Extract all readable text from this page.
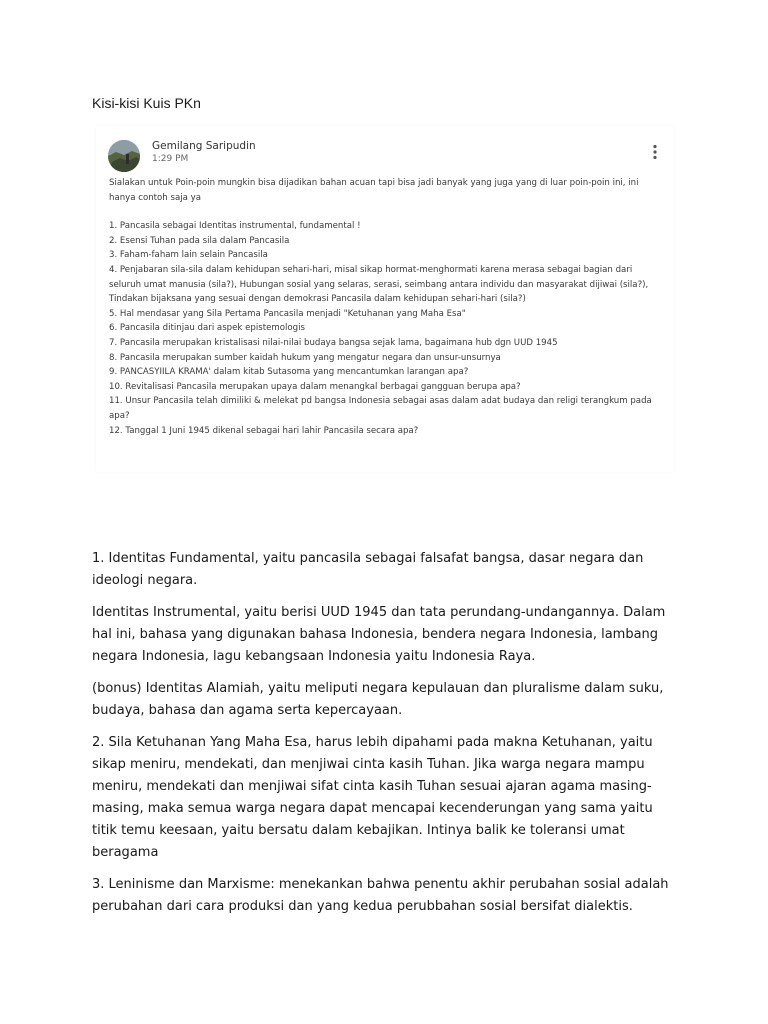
Kisi-kisi Kuis PKn
Gemilang Saripudin
1:29 PM

Sialakan untuk Poin-poin mungkin bisa dijadikan bahan acuan tapi bisa jadi banyak yang juga yang di luar poin-poin ini, ini hanya contoh saja ya

1. Pancasila sebagai Identitas instrumental, fundamental !
2. Esensi Tuhan pada sila dalam Pancasila
3. Faham-faham lain selain Pancasila
4. Penjabaran sila-sila dalam kehidupan sehari-hari, misal sikap hormat-menghormati karena merasa sebagai bagian dari seluruh umat manusia (sila?), Hubungan sosial yang selaras, serasi, seimbang antara individu dan masyarakat dijiwai (sila?), Tindakan bijaksana yang sesuai dengan demokrasi Pancasila dalam kehidupan sehari-hari (sila?)
5. Hal mendasar yang Sila Pertama Pancasila menjadi "Ketuhanan yang Maha Esa"
6. Pancasila ditinjau dari aspek epistemologis
7. Pancasila merupakan kristalisasi nilai-nilai budaya bangsa sejak lama, bagaimana hub dgn UUD 1945
8. Pancasila merupakan sumber kaidah hukum yang mengatur negara dan unsur-unsurnya
9. PANCASYIILA KRAMA' dalam kitab Sutasoma yang mencantumkan larangan apa?
10. Revitalisasi Pancasila merupakan upaya dalam menangkal berbagai gangguan berupa apa?
11. Unsur Pancasila telah dimiliki & melekat pd bangsa Indonesia sebagai asas dalam adat budaya dan religi terangkum pada apa?
12. Tanggal 1 Juni 1945 dikenal sebagai hari lahir Pancasila secara apa?

1. Identitas Fundamental, yaitu pancasila sebagai falsafat bangsa, dasar negara dan ideologi negara.

Identitas Instrumental, yaitu berisi UUD 1945 dan tata perundang-undangannya. Dalam hal ini, bahasa yang digunakan bahasa Indonesia, bendera negara Indonesia, lambang negara Indonesia, lagu kebangsaan Indonesia yaitu Indonesia Raya.

(bonus) Identitas Alamiah, yaitu meliputi negara kepulauan dan pluralisme dalam suku, budaya, bahasa dan agama serta kepercayaan.

2. Sila Ketuhanan Yang Maha Esa, harus lebih dipahami pada makna Ketuhanan, yaitu sikap meniru, mendekati, dan menjiwai cinta kasih Tuhan. Jika warga negara mampu meniru, mendekati dan menjiwai sifat cinta kasih Tuhan sesuai ajaran agama masing-masing, maka semua warga negara dapat mencapai kecenderungan yang sama yaitu titik temu keesaan, yaitu bersatu dalam kebajikan. Intinya balik ke toleransi umat beragama

3. Leninisme dan Marxisme: menekankan bahwa penentu akhir perubahan sosial adalah perubahan dari cara produksi dan yang kedua perubbahan sosial bersifat dialektis.
